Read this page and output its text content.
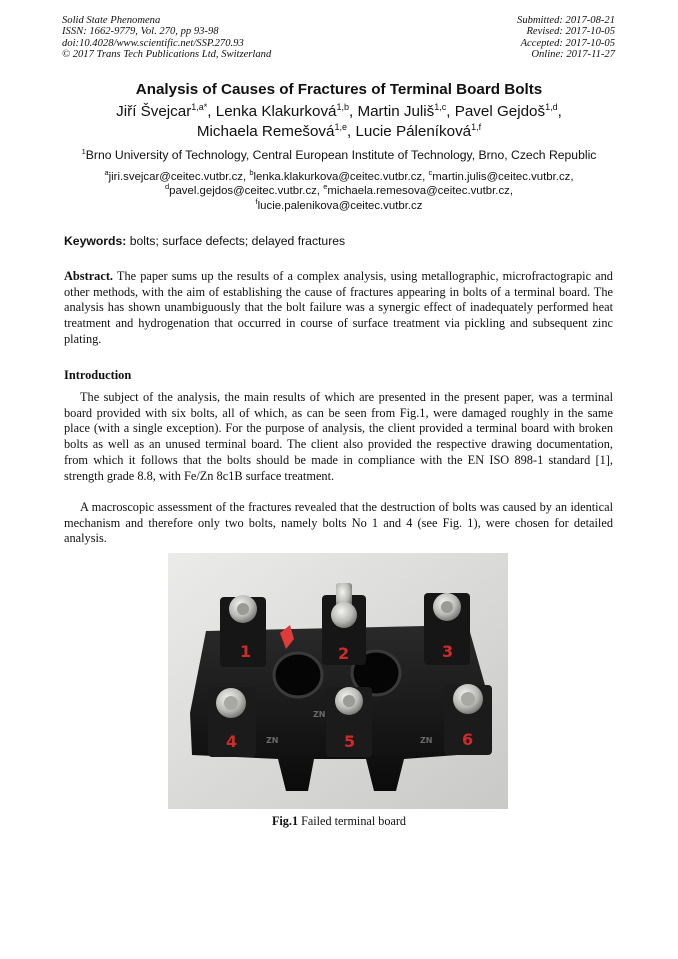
Solid State Phenomena
ISSN: 1662-9779, Vol. 270, pp 93-98
doi:10.4028/www.scientific.net/SSP.270.93
© 2017 Trans Tech Publications Ltd, Switzerland
Submitted: 2017-08-21
Revised: 2017-10-05
Accepted: 2017-10-05
Online: 2017-11-27
Analysis of Causes of Fractures of Terminal Board Bolts
Jiří Švejcar$^{1,a*}$, Lenka Klakurková$^{1,b}$, Martin Juliš$^{1,c}$, Pavel Gejdoš$^{1,d}$,
Michaela Remešová$^{1,e}$, Lucie Páleníková$^{1,f}$
$^1$Brno University of Technology, Central European Institute of Technology, Brno, Czech Republic
$^a$jiri.svejcar@ceitec.vutbr.cz, $^b$lenka.klakurkova@ceitec.vutbr.cz, $^c$martin.julis@ceitec.vutbr.cz,
$^d$pavel.gejdos@ceitec.vutbr.cz, $^e$michaela.remesova@ceitec.vutbr.cz,
$^f$lucie.palenikova@ceitec.vutbr.cz
Keywords: bolts; surface defects; delayed fractures
Abstract. The paper sums up the results of a complex analysis, using metallographic, microfractograpic and other methods, with the aim of establishing the cause of fractures appearing in bolts of a terminal board. The analysis has shown unambiguously that the bolt failure was a synergic effect of inadequately performed heat treatment and hydrogenation that occurred in course of surface treatment via pickling and subsequent zinc plating.
Introduction
The subject of the analysis, the main results of which are presented in the present paper, was a terminal board provided with six bolts, all of which, as can be seen from Fig.1, were damaged roughly in the same place (with a single exception). For the purpose of analysis, the client provided a terminal board with broken bolts as well as an unused terminal board. The client also provided the respective drawing documentation, from which it follows that the bolts should be made in compliance with the EN ISO 898-1 standard [1], strength grade 8.8, with Fe/Zn 8c1B surface treatment.
A macroscopic assessment of the fractures revealed that the destruction of bolts was caused by an identical mechanism and therefore only two bolts, namely bolts No 1 and 4 (see Fig. 1), were chosen for detailed analysis.
1	2	3
4	5	6
ZN
ZN
ZN
Fig.1 Failed terminal board
